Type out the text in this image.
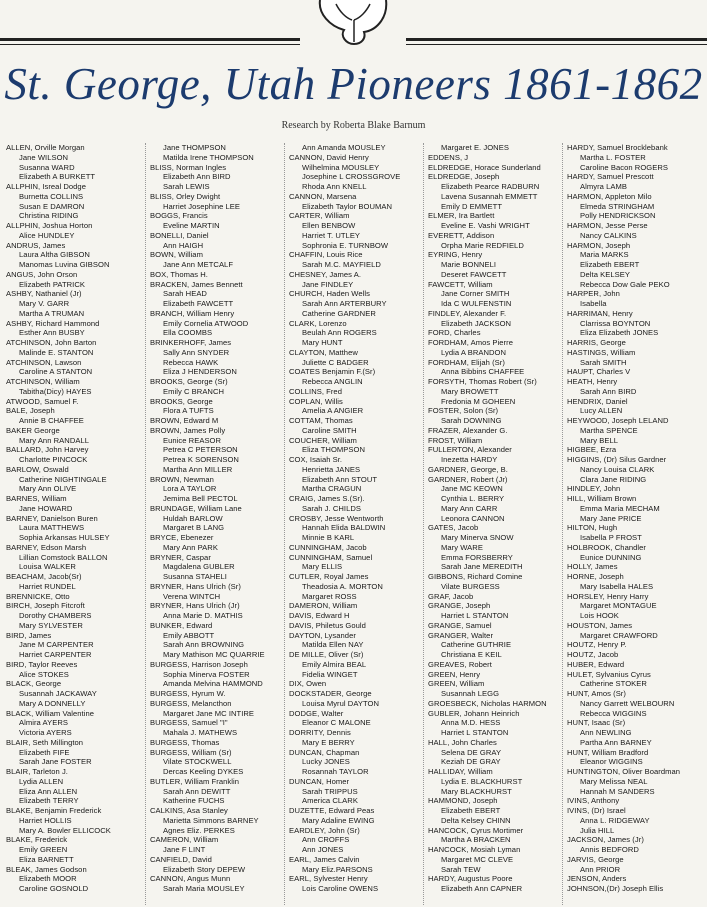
St. George, Utah Pioneers 1861-1862
Research by Roberta Blake Barnum
ALLEN, Orville Morgan
Jane WILSON
Susanna WARD
Elizabeth A BURKETT
ALLPHIN, Isreal Dodge
Burnetta COLLINS
Susan E DAMRON
Christina RIDING
ALLPHIN, Joshua Horton
Alice HUNDLEY
ANDRUS, James
Laura Altha GIBSON
Manomas Luvina GIBSON
ANGUS, John Orson
Elizabeth PATRICK
ASHBY, Nathaniel (Jr)
Mary V. GARR
Martha A TRUMAN
ASHBY, Richard Hammond
Esther Ann BUSBY
ATCHINSON, John Barton
Malinde E. STANTON
ATCHINSON, Lawson
Caroline A STANTON
ATCHINSON, William
Tabitha(Dicy) HAYES
ATWOOD, Samuel F.
BALE, Joseph
Annie B CHAFFEE
BAKER George
Mary Ann RANDALL
BALLARD, John Harvey
Charlotte PINCOCK
BARLOW, Oswald
Catherine NIGHTINGALE
Mary Ann OLIVE
BARNES, William
Jane HOWARD
BARNEY, Danielson Buren
Laura MATTHEWS
Sophia Arkansas HULSEY
BARNEY, Edson Marsh
Lillian Comstock BALLON
Louisa WALKER
BEACHAM, Jacob(Sr)
Harriet RUNDEL
BRENNICKE, Otto
BIRCH, Joseph Fitcroft
Dorothy CHAMBERS
Mary SYLVESTER
BIRD, James
Jane M CARPENTER
Harriet CARPENTER
BIRD, Taylor Reeves
Alice STOKES
BLACK, George
Susannah JACKAWAY
Mary A DONNELLY
BLACK, William Valentine
Almira AYERS
Victoria AYERS
BLAIR, Seth Millington
Elizabeth FIFE
Sarah Jane FOSTER
BLAIR, Tarleton J.
Lydia ALLEN
Eliza Ann ALLEN
Elizabeth TERRY
BLAKE, Benjamin Frederick
Harriet HOLLIS
Mary A. Bowler ELLICOCK
BLAKE, Frederick
Emily GREEN
Eliza BARNETT
BLEAK, James Godson
Elizabeth MOOR
Caroline GOSNOLD
Jane THOMPSON
Matilda Irene THOMPSON
BLISS, Norman Ingles
Elizabeth Ann BIRD
Sarah LEWIS
BLISS, Orley Dwight
Harriet Josephine LEE
BOGGS, Francis
Eveline MARTIN
BONELLI, Daniel
Ann HAIGH
BOWN, William
Jane Ann METCALF
BOX, Thomas H.
BRACKEN, James Bennett
Sarah HEAD
Elizabeth FAWCETT
BRANCH, William Henry
Emily Cornelia ATWOOD
Ella COOMBS
BRINKERHOFF, James
Sally Ann SNYDER
Rebecca HAWK
Eliza J HENDERSON
BROOKS, George (Sr)
Emily C BRANCH
BROOKS, George
Flora A TUFTS
BROWN, Edward M
BROWN, James Polly
Eunice REASOR
Petrea C PETERSON
Petrea K SORENSON
Martha Ann MILLER
BROWN, Newman
Lora A TAYLOR
Jemima Bell PECTOL
BRUNDAGE, William Lane
Huldah BARLOW
Margaret B LANG
BRYCE, Ebenezer
Mary Ann PARK
BRYNER, Caspar
Magdalena GUBLER
Susanna STAHELI
BRYNER, Hans Ulrich (Sr)
Verena WINTCH
BRYNER, Hans Ulrich (Jr)
Anna Marie D. MATHIS
BUNKER, Edward
Emily ABBOTT
Sarah Ann BROWNING
Mary Mathison MC QUARRIE
BURGESS, Harrison Joseph
Sophia Minerva FOSTER
Amanda Melvina HAMMOND
BURGESS, Hyrum W.
BURGESS, Melancthon
Margaret Jane MC INTIRE
BURGESS, Samuel "I"
Mahala J. MATHEWS
BURGESS, Thomas
BURGESS, William (Sr)
Vilate STOCKWELL
Dercas Keeling DYKES
BUTLER, William Franklin
Sarah Ann DEWITT
Katherine FUCHS
CALKINS, Asa Stanley
Marietta Simmons BARNEY
Agnes Eliz. PERKES
CAMERON, William
Jane F LINT
CANFIELD, David
Elizabeth Story DEPEW
CANNON, Angus Munn
Sarah Maria MOUSLEY
Ann Amanda MOUSLEY
CANNON, David Henry
Wilhelmina MOUSLEY
Josephine L CROSSGROVE
Rhoda Ann KNELL
CANNON, Marsena
Elizabeth Taylor BOUMAN
CARTER, William
Ellen BENBOW
Harriet T. UTLEY
Sophronia E. TURNBOW
CHAFFIN, Louis Rice
Sarah M.C. MAYFIELD
CHESNEY, James A.
Jane FINDLEY
CHURCH, Haden Wells
Sarah Ann ARTERBURY
Catherine GARDNER
CLARK, Lorenzo
Beulah Ann ROGERS
Mary HUNT
CLAYTON, Matthew
Juliette C BADGER
COATES Benjamin F.(Sr)
Rebecca ANGLIN
COLLINS, Fred
COPLAN, Willis
Amelia A ANGIER
COTTAM, Thomas
Caroline SMITH
COUCHER, William
Eliza THOMPSON
COX, Isaiah Sr.
Henrietta JANES
Elizabeth Ann STOUT
Martha CRAGUN
CRAIG, James S.(Sr).
Sarah J. CHILDS
CROSBY, Jesse Wentworth
Hannah Elida BALDWIN
Minnie B KARL
CUNNINGHAM, Jacob
CUNNINGHAM, Samuel
Mary ELLIS
CUTLER, Royal James
Theadosia A. MORTON
Margaret ROSS
DAMERON, William
DAVIS, Edward H
DAVIS, Philetus Gould
DAYTON, Lysander
Matilda Ellen NAY
DE MILLE, Oliver (Sr)
Emily Almira BEAL
Fidelia WINGET
DIX, Owen
DOCKSTADER, George
Louisa Myrul DAYTON
DODGE, Walter
Eleanor C MALONE
DORRITY, Dennis
Mary E BERRY
DUNCAN, Chapman
Lucky JONES
Rosannah TAYLOR
DUNCAN, Homer
Sarah TRIPPUS
America CLARK
DUZETTE, Edward Peas
Mary Adaline EWING
EARDLEY, John (Sr)
Ann CROFFS
Ann JONES
EARL, James Calvin
Mary Eliz.PARSONS
EARL, Sylvester Henry
Lois Caroline OWENS
Margaret E. JONES
EDDENS, J
ELDREDGE, Horace Sunderland
ELDREDGE, Joseph
Elizabeth Pearce RADBURN
Lavena Susannah EMMETT
Emily D EMMETT
ELMER, Ira Bartlett
Eveline E. Vashi WRIGHT
EVERETT, Addison
Orpha Marie REDFIELD
EYRING, Henry
Marie BONNELI
Deseret FAWCETT
FAWCETT, William
Jane Corner SMITH
Ida C WULFENSTIN
FINDLEY, Alexander F.
Elizabeth JACKSON
FORD, Charles
FORDHAM, Amos Pierre
Lydia A BRANDON
FORDHAM, Elijah (Sr)
Anna Bibbins CHAFFEE
FORSYTH, Thomas Robert (Sr)
Mary BROWETT
Fredonia M GOHEEN
FOSTER, Solon (Sr)
Sarah DOWNING
FRAZER, Alexander G.
FROST, William
FULLERTON, Alexander
Inezetta HARDY
GARDNER, George, B.
GARDNER, Robert (Jr)
Jane MC KEOWN
Cynthia L. BERRY
Mary Ann CARR
Leonora CANNON
GATES, Jacob
Mary Minerva SNOW
Mary WARE
Emma FORSBERRY
Sarah Jane MEREDITH
GIBBONS, Richard Comine
Vilate BURGESS
GRAF, Jacob
GRANGE, Joseph
Harriet L STANTON
GRANGE, Samuel
GRANGER, Walter
Catherine GUTHRIE
Christiana E KEIL
GREAVES, Robert
GREEN, Henry
GREEN, William
Susannah LEGG
GROESBECK, Nicholas HARMON
GUBLER, Johann Heinrich
Anna M.D. HESS
Harriet L STANTON
HALL, John Charles
Selena DE GRAY
Keziah DE GRAY
HALLIDAY, William
Lydia E. BLACKHURST
Mary BLACKHURST
HAMMOND, Joseph
Elizabeth EBERT
Delta Kelsey CHINN
HANCOCK, Cyrus Mortimer
Martha A BRACKEN
HANCOCK, Mosiah Lyman
Margaret MC CLEVE
Sarah TEW
HARDY, Augustus Poore
Elizabeth Ann CAPNER
HARDY, Samuel Brocklebank
Martha L. FOSTER
Caroline Bacon ROGERS
HARDY, Samuel Prescott
Almyra LAMB
HARMON, Appleton Milo
Elmeda STRINGHAM
Polly HENDRICKSON
HARMON, Jesse Perse
Nancy CALKINS
HARMON, Joseph
Maria MARKS
Elizabeth EBERT
Delta KELSEY
Rebecca Dow Gale PEKO
HARPER, John
Isabella
HARRIMAN, Henry
Clarrissa BOYNTON
Eliza Elizabeth JONES
HARRIS, George
HASTINGS, William
Sarah SMITH
HAUPT, Charles V
HEATH, Henry
Sarah Ann BIRD
HENDRIX, Daniel
Lucy ALLEN
HEYWOOD, Joseph LELAND
Martha SPENCE
Mary BELL
HIGBEE, Ezra
HIGGINS, (Dr) Silus Gardner
Nancy Louisa CLARK
Clara Jane RIDING
HINDLEY, John
HILL, William Brown
Emma Maria MECHAM
Mary Jane PRICE
HILTON, Hugh
Isabella P FROST
HOLBROOK, Chandler
Eunice DUNNING
HOLLY, James
HORNE, Joseph
Mary Isabella HALES
HORSLEY, Henry Harry
Margaret MONTAGUE
Lois HOOK
HOUSTON, James
Margaret CRAWFORD
HOUTZ, Henry P.
HOUTZ, Jacob
HUBER, Edward
HULET, Sylvanius Cyrus
Catherine STOKER
HUNT, Amos (Sr)
Nancy Garrett WELBOURN
Rebecca WIGGINS
HUNT, Isaac (Sr)
Ann NEWLING
Partha Ann BARNEY
HUNT, William Bradford
Eleanor WIGGINS
HUNTINGTON, Oliver Boardman
Mary Melissa NEAL
Hannah M SANDERS
IVINS, Anthony
IVINS, (Dr) Israel
Anna L. RIDGEWAY
Julia HILL
JACKSON, James (Jr)
Annis BEDFORD
JARVIS, George
Ann PRIOR
JENSON, Anders
JOHNSON,(Dr) Joseph Ellis
